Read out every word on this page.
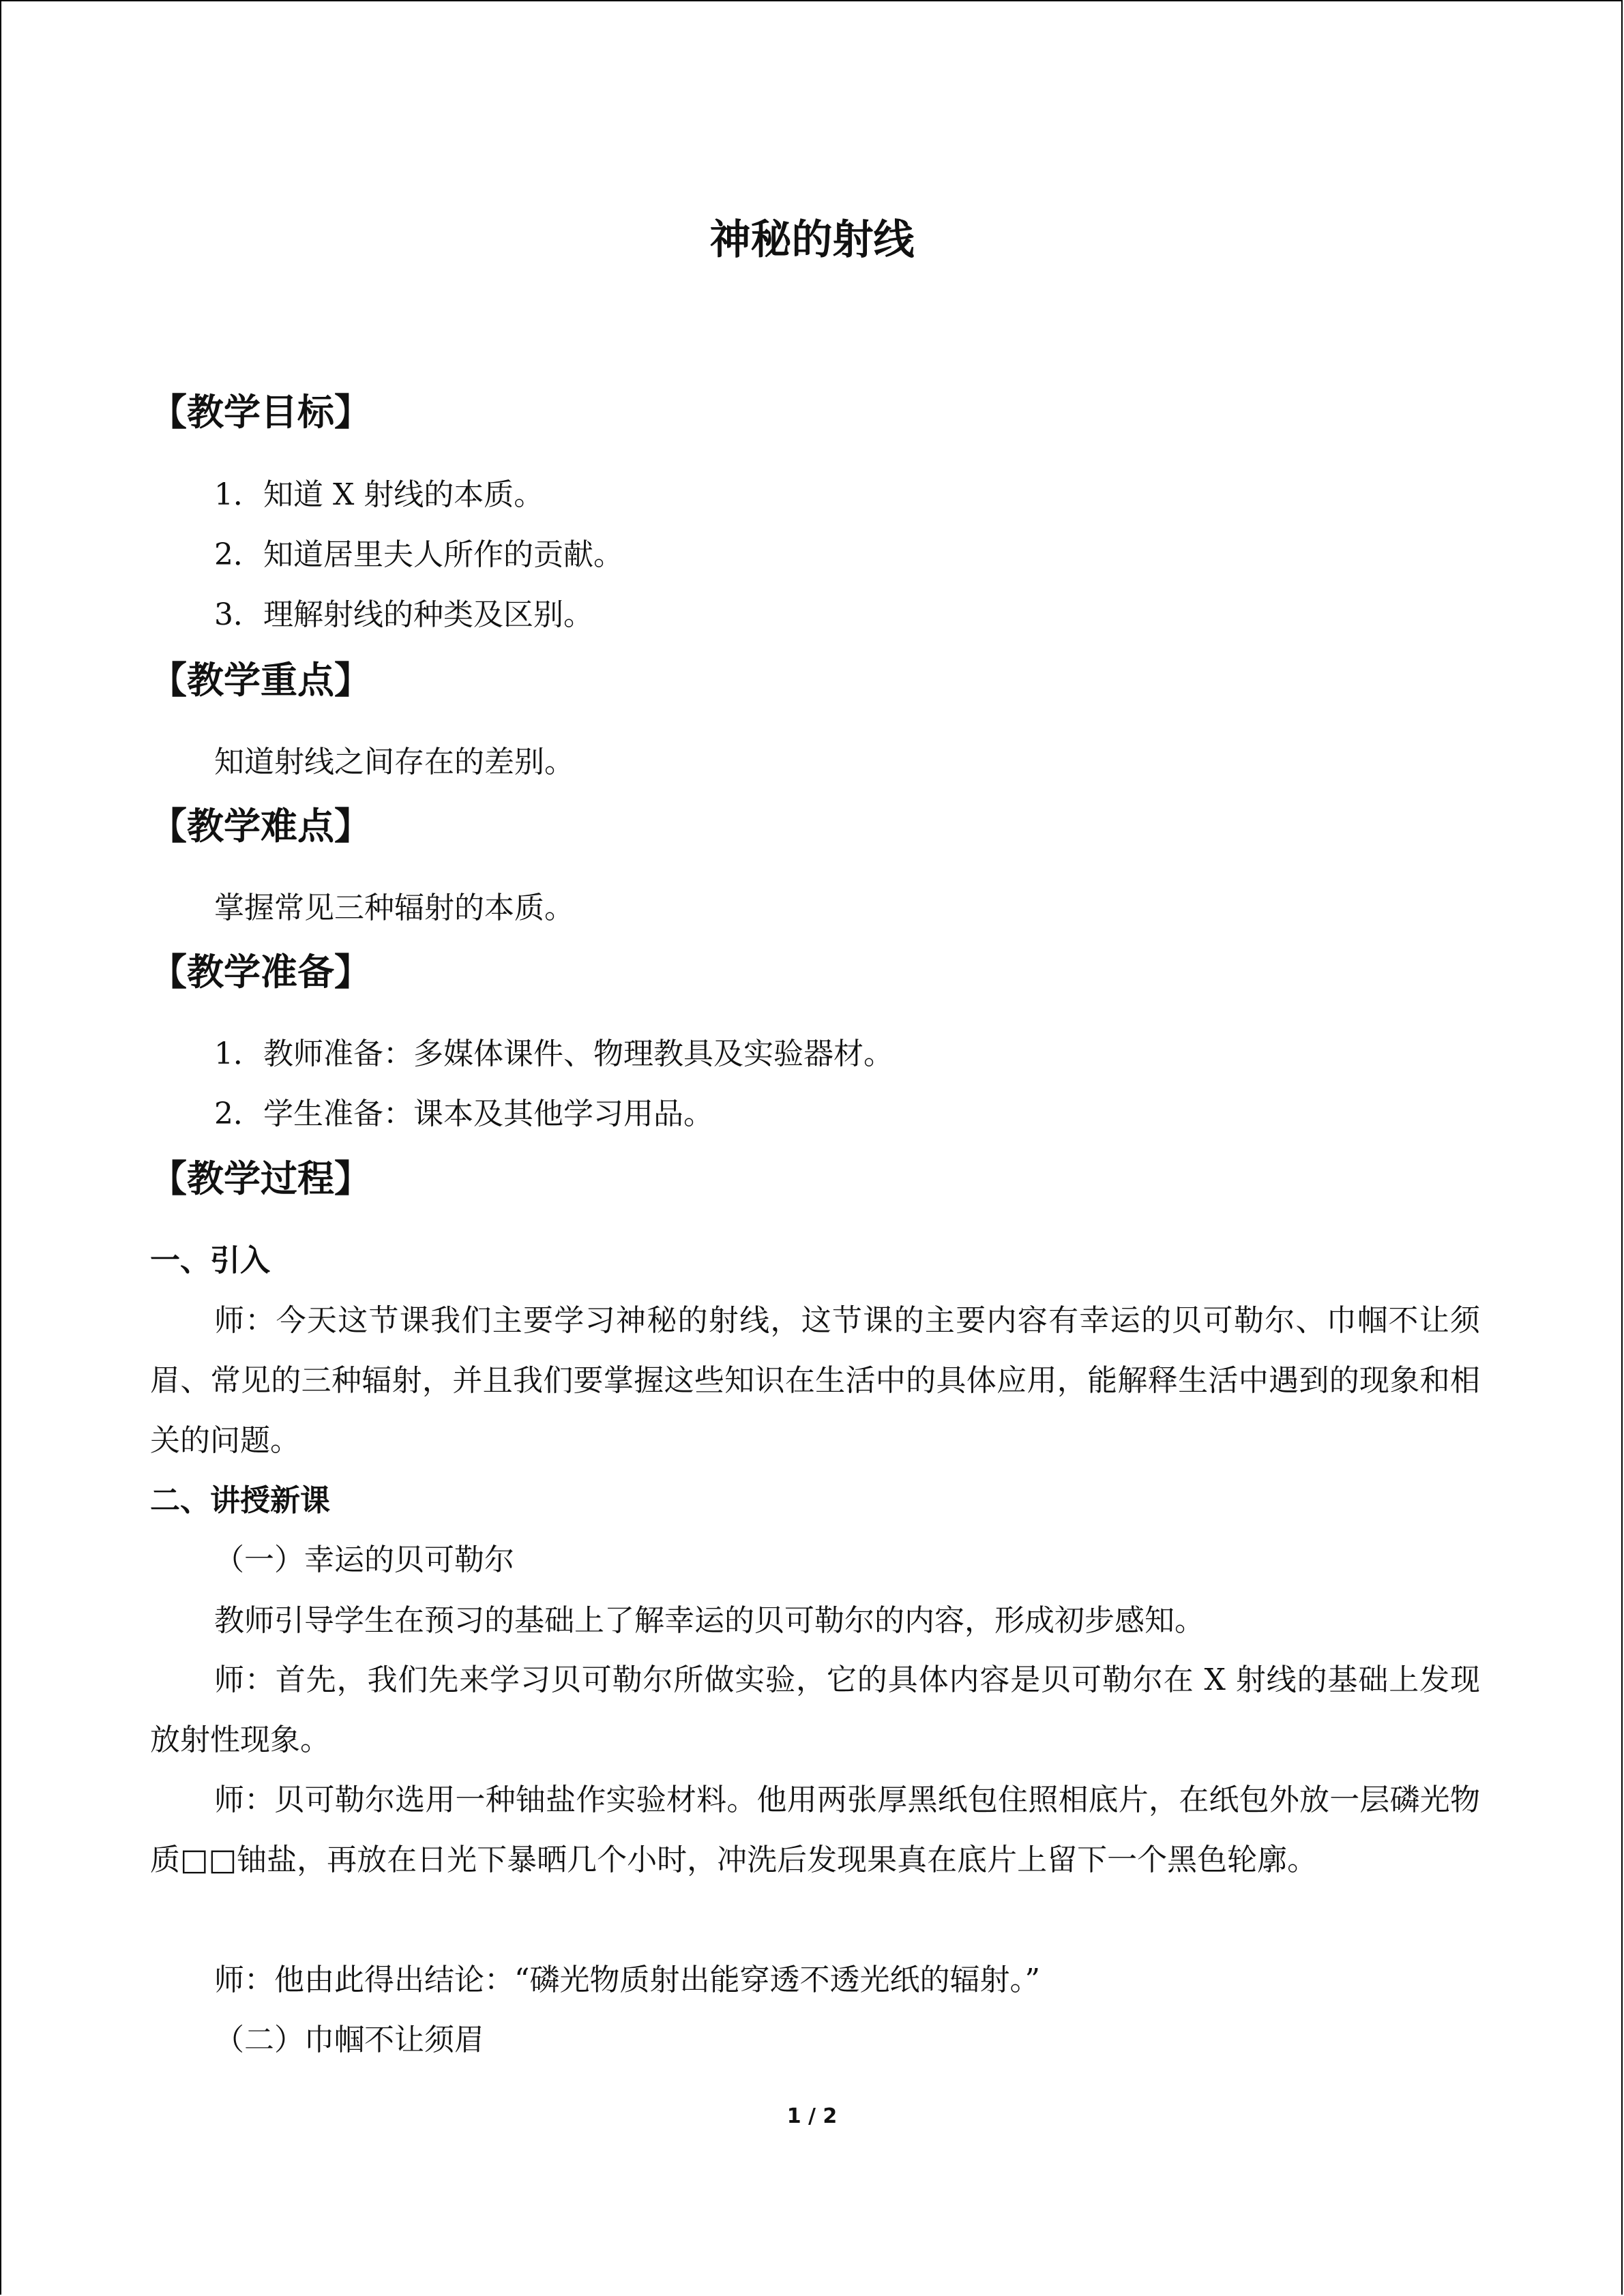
神秘的射线
【教学目标】
1．知道 X 射线的本质。
2．知道居里夫人所作的贡献。
3．理解射线的种类及区别。
【教学重点】
知道射线之间存在的差别。
【教学难点】
掌握常见三种辐射的本质。
【教学准备】
1．教师准备：多媒体课件、物理教具及实验器材。
2．学生准备：课本及其他学习用品。
【教学过程】
一、引入

师：今天这节课我们主要学习神秘的射线，这节课的主要内容有幸运的贝可勒尔、巾帼不让须眉、常见的三种辐射，并且我们要掌握这些知识在生活中的具体应用，能解释生活中遇到的现象和相关的问题。

二、讲授新课
（一）幸运的贝可勒尔

教师引导学生在预习的基础上了解幸运的贝可勒尔的内容，形成初步感知。

师：首先，我们先来学习贝可勒尔所做实验，它的具体内容是贝可勒尔在 X 射线的基础上发现放射性现象。

师：贝可勒尔选用一种铀盐作实验材料。他用两张厚黑纸包住照相底片，在纸包外放一层磷光物质□□铀盐，再放在日光下暴晒几个小时，冲洗后发现果真在底片上留下一个黑色轮廓。

师：他由此得出结论：“磷光物质射出能穿透不透光纸的辐射。”

（二）巾帼不让须眉
1 / 2
